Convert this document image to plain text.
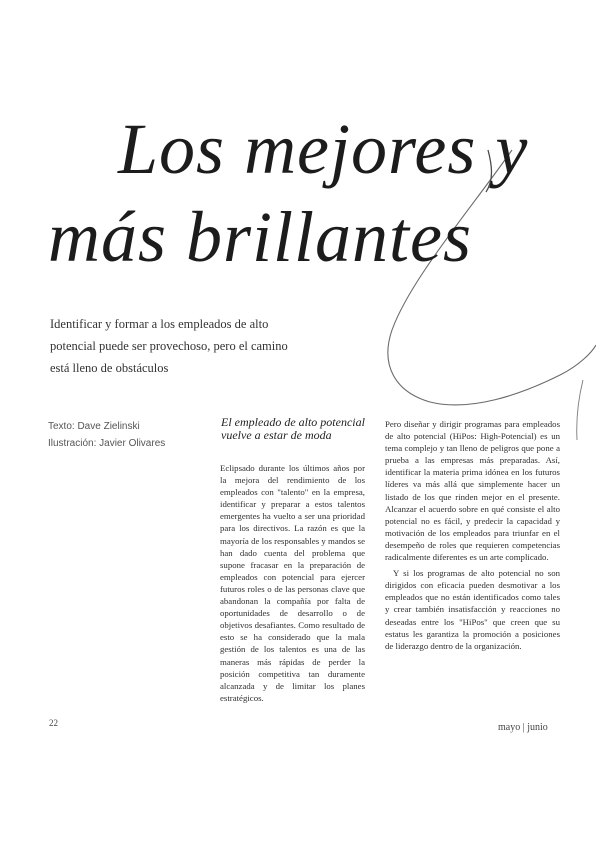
Los mejores y
más brillantes

Identificar y formar a los empleados de alto potencial puede ser provechoso, pero el camino está lleno de obstáculos

Texto: Dave Zielinski
Ilustración: Javier Olivares
El empleado de alto potencial vuelve a estar de moda

Eclipsado durante los últimos años por la mejora del rendimiento de los empleados con "talento" en la empresa, identificar y preparar a estos talentos emergentes ha vuelto a ser una prioridad para los directivos. La razón es que la mayoría de los responsables y mandos se han dado cuenta del problema que supone fracasar en la preparación de empleados con potencial para ejercer futuros roles o de las personas clave que abandonan la compañía por falta de oportunidades de desarrollo o de objetivos desafiantes. Como resultado de esto se ha considerado que la mala gestión de los talentos es una de las maneras más rápidas de perder la posición competitiva tan duramente alcanzada y de limitar los planes estratégicos.

Pero diseñar y dirigir programas para empleados de alto potencial (HiPos: High-Potencial) es un tema complejo y tan lleno de peligros que pone a prueba a las empresas más preparadas. Así, identificar la materia prima idónea en los futuros líderes va más allá que simplemente hacer un listado de los que rinden mejor en el presente. Alcanzar el acuerdo sobre en qué consiste el alto potencial no es fácil, y predecir la capacidad y motivación de los empleados para triunfar en el desempeño de roles que requieren competencias radicalmente diferentes es un arte complicado.

Y si los programas de alto potencial no son dirigidos con eficacia pueden desmotivar a los empleados que no están identificados como tales y crear también insatisfacción y reacciones no deseadas entre los "HiPos" que creen que su estatus les garantiza la promoción a posiciones de liderazgo dentro de la organización.

22	mayo | junio
